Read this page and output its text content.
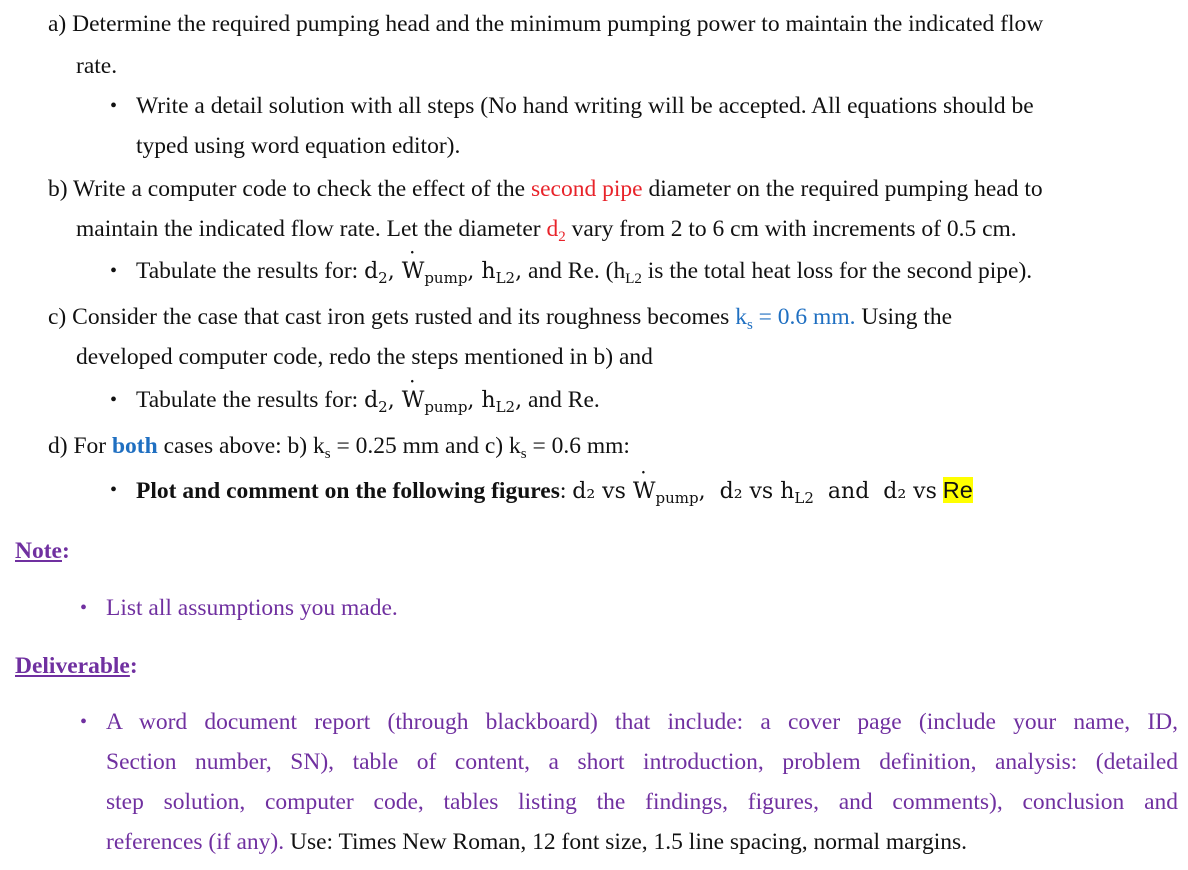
a) Determine the required pumping head and the minimum pumping power to maintain the indicated flow
rate.
• Write a detail solution with all steps (No hand writing will be accepted. All equations should be
typed using word equation editor).
b) Write a computer code to check the effect of the second pipe diameter on the required pumping head to
maintain the indicated flow rate. Let the diameter $d_2$ vary from 2 to 6 cm with increments of 0.5 cm.
• Tabulate the results for: $d_2$, ˙ $W_{pump}$, $h_{L2}$, and Re. ($h_{L2}$ is the total heat loss for the second pipe).
c) Consider the case that cast iron gets rusted and its roughness becomes $k_s = 0.6$ mm. Using the
developed computer code, redo the steps mentioned in b) and
• Tabulate the results for: $d_2$, ˙ $W_{pump}$, $h_{L2}$, and Re.
d) For both cases above: b) $k_s = 0.25$ mm and c) $k_s = 0.6$ mm:
• Plot and comment on the following figures: d₂ vs ˙ $W_{pump}$,  d₂ vs $h_{L2}$ and d₂ vs Re
Note:
• List all assumptions you made.
Deliverable:
• A word document report (through blackboard) that include: a cover page (include your name, ID,
Section number, SN), table of content, a short introduction, problem definition, analysis: (detailed
step solution, computer code, tables listing the findings, figures, and comments), conclusion and
references (if any). Use: Times New Roman, 12 font size, 1.5 line spacing, normal margins.
